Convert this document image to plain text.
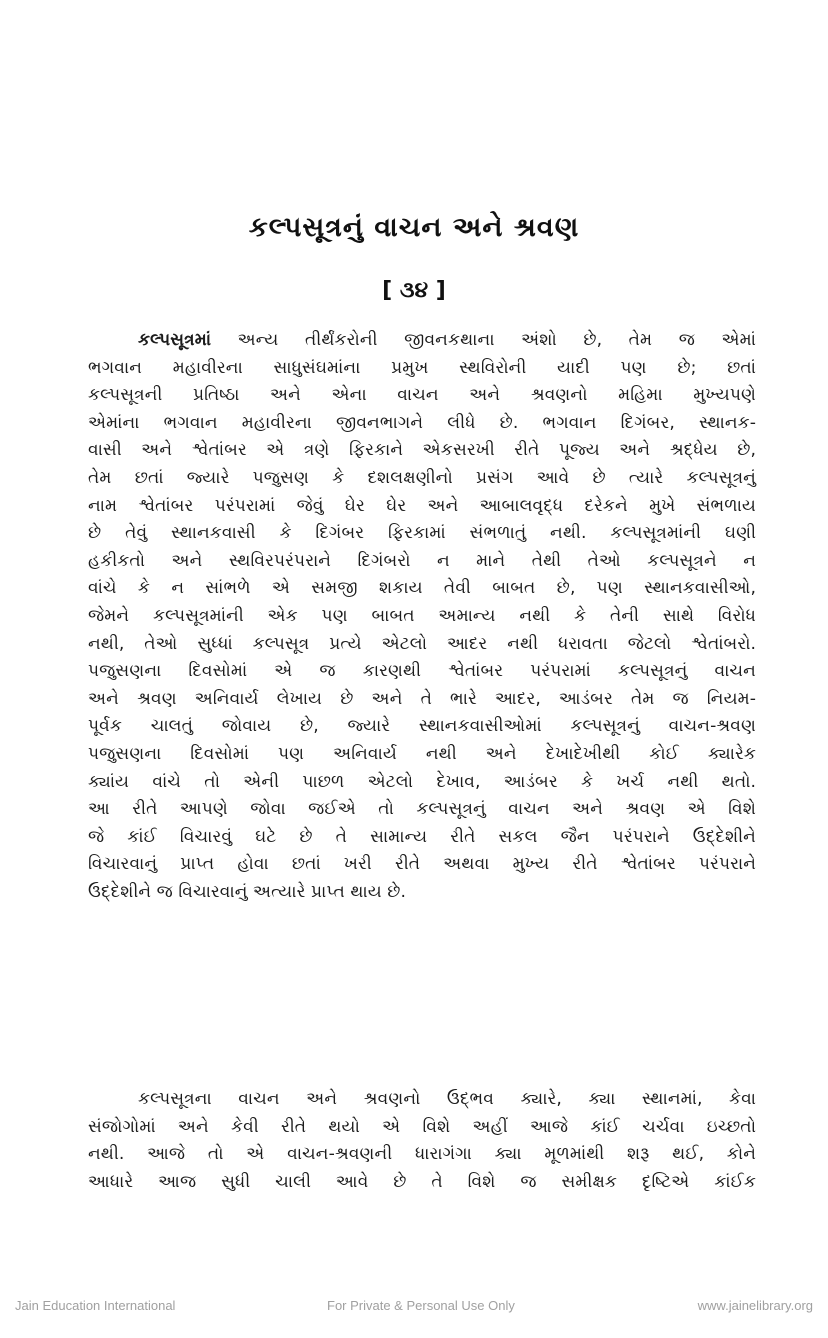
કલ્પસૂત્રનું વાચન અને શ્રવણ
[ ૩૪ ]
કલ્પસૂત્રમાં અન્ય તીર્થંકરોની જીવનકથાના અંશો છે, તેમ જ એમાં
ભગવાન મહાવીરના સાધુસંઘમાંના પ્રમુખ સ્થવિરોની યાદી પણ છે; છતાં
કલ્પસૂત્રની પ્રતિષ્ઠા અને એના વાચન અને શ્રવણનો મહિમા મુખ્યપણે
એમાંના ભગવાન મહાવીરના જીવનભાગને લીધે છે. ભગવાન દિગંબર, સ્થાનક-
વાસી અને શ્વેતાંબર એ ત્રણે ફિરકાને એકસરખી રીતે પૂજ્ય અને શ્રદ્ધેય છે,
તેમ છતાં જ્યારે પજુસણ કે દશલક્ષણીનો પ્રસંગ આવે છે ત્યારે કલ્પસૂત્રનું
નામ શ્વેતાંબર પરંપરામાં જેવું ઘેર ઘેર અને આબાલવૃદ્ધ દરેકને મુખે સંભળાય
છે તેવું સ્થાનકવાસી કે દિગંબર ફિરકામાં સંભળાતું નથી. કલ્પસૂત્રમાંની ઘણી
હકીકતો અને સ્થવિરપરંપરાને દિગંબરો ન માને તેથી તેઓ કલ્પસૂત્રને ન
વાંચે કે ન સાંભળે એ સમજી શકાય તેવી બાબત છે, પણ સ્થાનકવાસીઓ,
જેમને કલ્પસૂત્રમાંની એક પણ બાબત અમાન્ય નથી કે તેની સાથે વિરોધ
નથી, તેઓ સુધ્ધાં કલ્પસૂત્ર પ્રત્યે એટલો આદર નથી ધરાવતા જેટલો શ્વેતાંબરો.
પજુસણના દિવસોમાં એ જ કારણથી શ્વેતાંબર પરંપરામાં કલ્પસૂત્રનું વાચન
અને શ્રવણ અનિવાર્ય લેખાય છે અને તે ભારે આદર, આડંબર તેમ જ નિયમ-
પૂર્વક ચાલતું જોવાય છે, જ્યારે સ્થાનકવાસીઓમાં કલ્પસૂત્રનું વાચન-શ્રવણ
પજુસણના દિવસોમાં પણ અનિવાર્ય નથી અને દેખાદેખીથી કોઈ ક્યારેક
ક્યાંય વાંચે તો એની પાછળ એટલો દેખાવ, આડંબર કે ખર્ચ નથી થતો.
આ રીતે આપણે જોવા જઈએ તો કલ્પસૂત્રનું વાચન અને શ્રવણ એ વિશે
જે કાંઈ વિચારવું ઘટે છે તે સામાન્ય રીતે સકલ જૈન પરંપરાને ઉદ્દેશીને
વિચારવાનું પ્રાપ્ત હોવા છતાં ખરી રીતે અથવા મુખ્ય રીતે શ્વેતાંબર પરંપરાને
ઉદ્દેશીને જ વિચારવાનું અત્યારે પ્રાપ્ત થાય છે.
કલ્પસૂત્રના વાચન અને શ્રવણનો ઉદ્ભવ ક્યારે, ક્યા સ્થાનમાં, કેવા
સંજોગોમાં અને કેવી રીતે થયો એ વિશે અહીં આજે કાંઈ ચર્ચવા ઇચ્છતો
નથી. આજે તો એ વાચન-શ્રવણની ધારાગંગા ક્યા મૂળમાંથી શરૂ થઈ, કોને
આધારે આજ સુધી ચાલી આવે છે તે વિશે જ સમીક્ષક દૃષ્ટિએ કાંઈક
Jain Education International	For Private & Personal Use Only	www.jainelibrary.org
